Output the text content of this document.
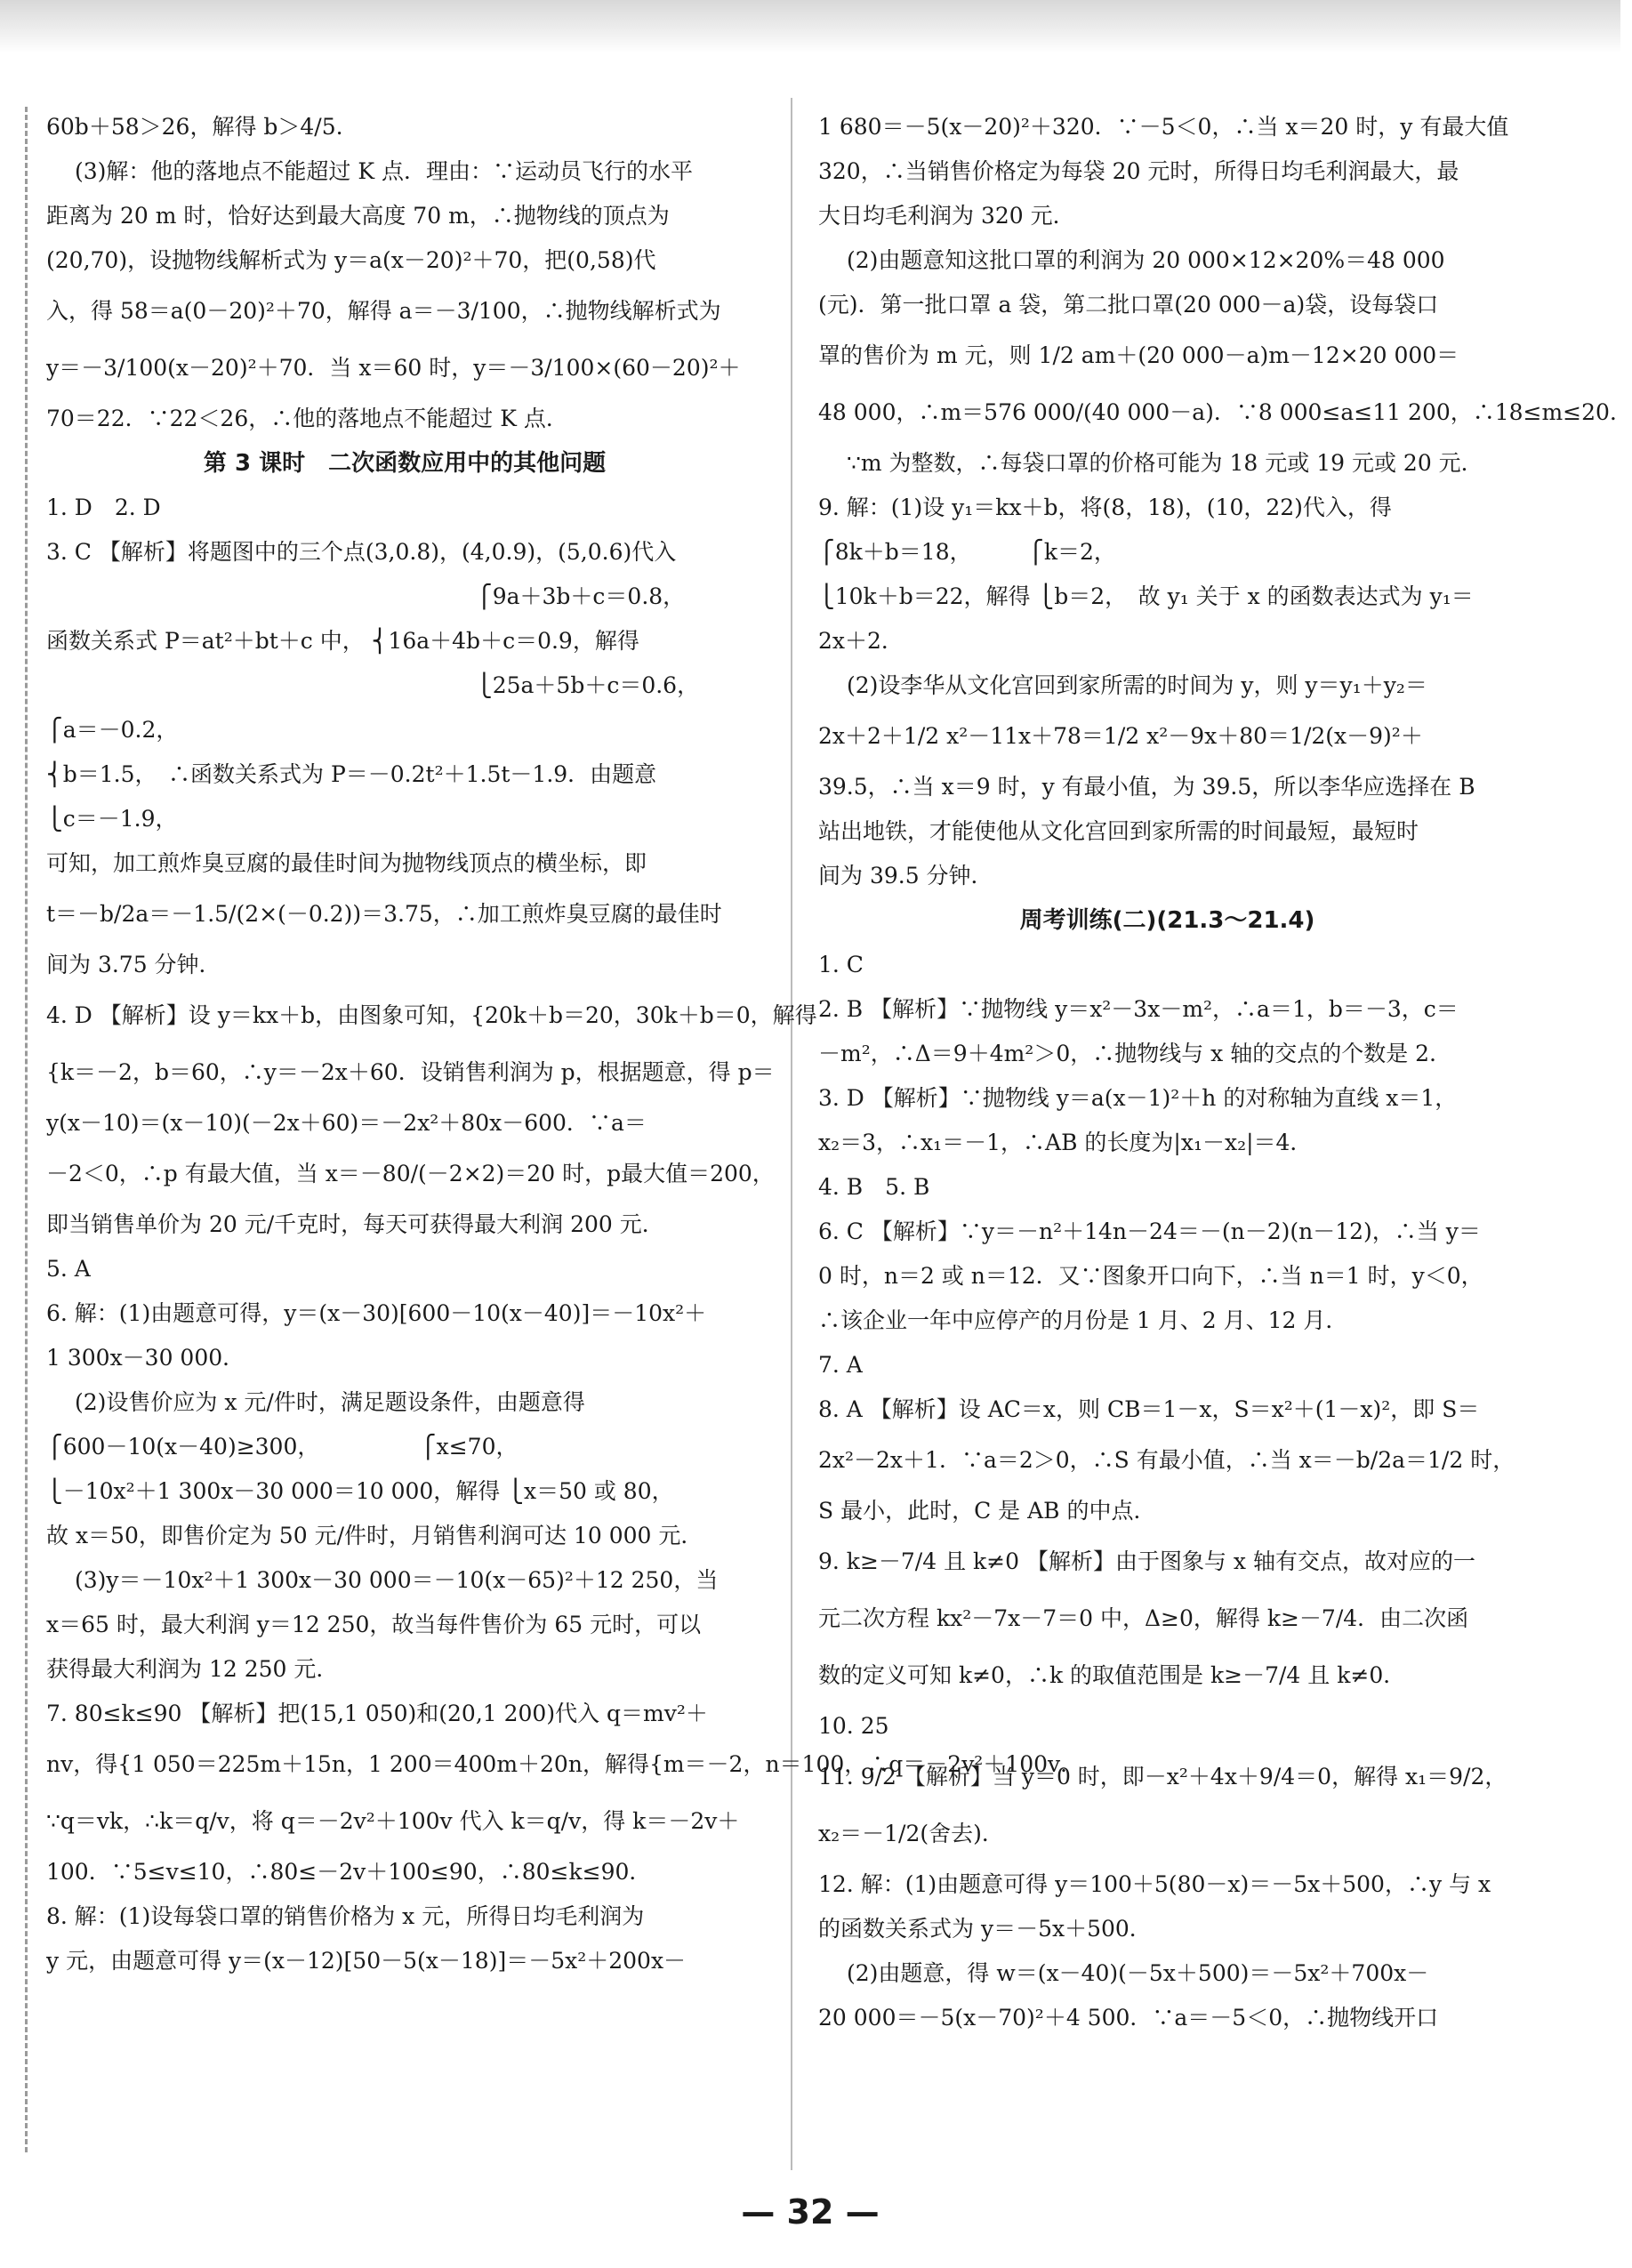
60b＋58＞26，解得 b＞4/5.
(3)解：他的落地点不能超过 K 点．理由：∵运动员飞行的水平
距离为 20 m 时，恰好达到最大高度 70 m，∴抛物线的顶点为
(20,70)，设抛物线解析式为 y＝a(x－20)²＋70，把(0,58)代
入，得 58＝a(0－20)²＋70，解得 a＝－3/100，∴抛物线解析式为
y＝－3/100(x－20)²＋70．当 x＝60 时，y＝－3/100×(60－20)²＋
70＝22．∵22＜26，∴他的落地点不能超过 K 点．
第 3 课时　二次函数应用中的其他问题
1. D　2. D
3. C 【解析】将题图中的三个点(3,0.8)，(4,0.9)，(5,0.6)代入
　　　　　　　　　　　　　　　　　　　 ⎧9a＋3b＋c＝0.8，
函数关系式 P＝at²＋bt＋c 中， ⎨16a＋4b＋c＝0.9，解得
　　　　　　　　　　　　　　　　　　　 ⎩25a＋5b＋c＝0.6，
⎧a＝－0.2，
⎨b＝1.5，　∴函数关系式为 P＝－0.2t²＋1.5t－1.9．由题意
⎩c＝－1.9，
可知，加工煎炸臭豆腐的最佳时间为抛物线顶点的横坐标，即
t＝－b/2a＝－1.5/(2×(－0.2))＝3.75，∴加工煎炸臭豆腐的最佳时
间为 3.75 分钟．
4. D 【解析】设 y＝kx＋b，由图象可知，{20k＋b＝20，30k＋b＝0，解得
{k＝－2，b＝60，∴y＝－2x＋60．设销售利润为 p，根据题意，得 p＝
y(x－10)＝(x－10)(－2x＋60)＝－2x²＋80x－600．∵a＝
－2＜0，∴p 有最大值，当 x＝－80/(－2×2)＝20 时，p最大值＝200，
即当销售单价为 20 元/千克时，每天可获得最大利润 200 元．
5. A
6. 解：(1)由题意可得，y＝(x－30)[600－10(x－40)]＝－10x²＋
1 300x－30 000．
(2)设售价应为 x 元/件时，满足题设条件，由题意得
⎧600－10(x－40)≥300，　　　　　⎧x≤70，
⎩－10x²＋1 300x－30 000＝10 000，解得 ⎩x＝50 或 80，
故 x＝50，即售价定为 50 元/件时，月销售利润可达 10 000 元．
(3)y＝－10x²＋1 300x－30 000＝－10(x－65)²＋12 250，当
x＝65 时，最大利润 y＝12 250，故当每件售价为 65 元时，可以
获得最大利润为 12 250 元．
7. 80≤k≤90 【解析】把(15,1 050)和(20,1 200)代入 q＝mv²＋
nv，得{1 050＝225m＋15n，1 200＝400m＋20n，解得{m＝－2，n＝100，∴q＝－2v²＋100v．
∵q＝vk，∴k＝q/v，将 q＝－2v²＋100v 代入 k＝q/v，得 k＝－2v＋
100．∵5≤v≤10，∴80≤－2v＋100≤90，∴80≤k≤90．
8. 解：(1)设每袋口罩的销售价格为 x 元，所得日均毛利润为
y 元，由题意可得 y＝(x－12)[50－5(x－18)]＝－5x²＋200x－
1 680＝－5(x－20)²＋320．∵－5＜0，∴当 x＝20 时，y 有最大值
320，∴当销售价格定为每袋 20 元时，所得日均毛利润最大，最
大日均毛利润为 320 元．
(2)由题意知这批口罩的利润为 20 000×12×20%＝48 000
(元)．第一批口罩 a 袋，第二批口罩(20 000－a)袋，设每袋口
罩的售价为 m 元，则 1/2 am＋(20 000－a)m－12×20 000＝
48 000，∴m＝576 000/(40 000－a)．∵8 000≤a≤11 200，∴18≤m≤20．
∵m 为整数，∴每袋口罩的价格可能为 18 元或 19 元或 20 元．
9. 解：(1)设 y₁＝kx＋b，将(8，18)，(10，22)代入，得
⎧8k＋b＝18，　　　⎧k＝2，
⎩10k＋b＝22，解得 ⎩b＝2，　故 y₁ 关于 x 的函数表达式为 y₁＝
2x＋2．
(2)设李华从文化宫回到家所需的时间为 y，则 y＝y₁＋y₂＝
2x＋2＋1/2 x²－11x＋78＝1/2 x²－9x＋80＝1/2(x－9)²＋
39.5，∴当 x＝9 时，y 有最小值，为 39.5，所以李华应选择在 B
站出地铁，才能使他从文化宫回到家所需的时间最短，最短时
间为 39.5 分钟．
周考训练(二)(21.3～21.4)
1. C
2. B 【解析】∵抛物线 y＝x²－3x－m²，∴a＝1，b＝－3，c＝
－m²，∴Δ＝9＋4m²＞0，∴抛物线与 x 轴的交点的个数是 2．
3. D 【解析】∵抛物线 y＝a(x－1)²＋h 的对称轴为直线 x＝1，
x₂＝3，∴x₁＝－1，∴AB 的长度为|x₁－x₂|＝4．
4. B　5. B
6. C 【解析】∵y＝－n²＋14n－24＝－(n－2)(n－12)，∴当 y＝
0 时，n＝2 或 n＝12．又∵图象开口向下，∴当 n＝1 时，y＜0，
∴该企业一年中应停产的月份是 1 月、2 月、12 月．
7. A
8. A 【解析】设 AC＝x，则 CB＝1－x，S＝x²＋(1－x)²，即 S＝
2x²－2x＋1．∵a＝2＞0，∴S 有最小值，∴当 x＝－b/2a＝1/2 时，
S 最小，此时，C 是 AB 的中点．
9. k≥－7/4 且 k≠0 【解析】由于图象与 x 轴有交点，故对应的一
元二次方程 kx²－7x－7＝0 中，Δ≥0，解得 k≥－7/4．由二次函
数的定义可知 k≠0，∴k 的取值范围是 k≥－7/4 且 k≠0．
10. 25
11. 9/2 【解析】当 y＝0 时，即－x²＋4x＋9/4＝0，解得 x₁＝9/2，
x₂＝－1/2(舍去)．
12. 解：(1)由题意可得 y＝100＋5(80－x)＝－5x＋500，∴y 与 x
的函数关系式为 y＝－5x＋500．
(2)由题意，得 w＝(x－40)(－5x＋500)＝－5x²＋700x－
20 000＝－5(x－70)²＋4 500．∵a＝－5＜0，∴抛物线开口
— 32 —
